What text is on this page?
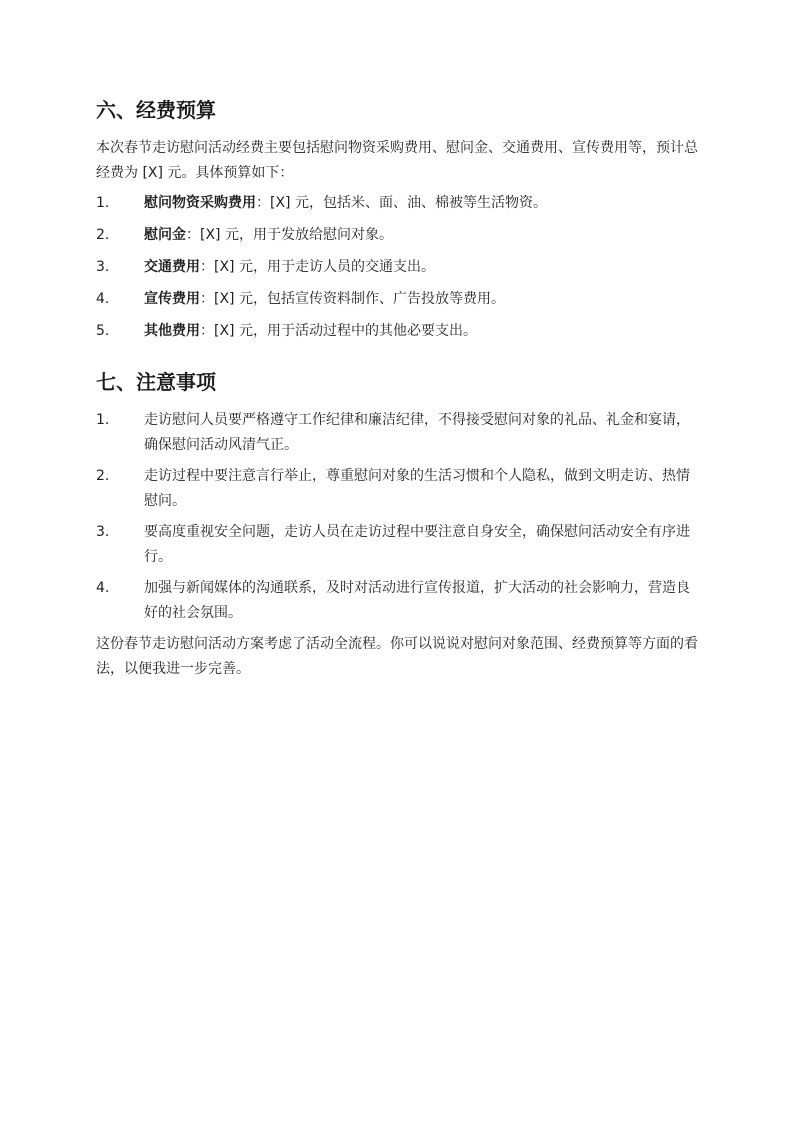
六、经费预算

本次春节走访慰问活动经费主要包括慰问物资采购费用、慰问金、交通费用、宣传费用等，预计总经费为 [X] 元。具体预算如下：

1. 慰问物资采购费用：[X] 元，包括米、面、油、棉被等生活物资。
2. 慰问金：[X] 元，用于发放给慰问对象。
3. 交通费用：[X] 元，用于走访人员的交通支出。
4. 宣传费用：[X] 元，包括宣传资料制作、广告投放等费用。
5. 其他费用：[X] 元，用于活动过程中的其他必要支出。
七、注意事项
1. 走访慰问人员要严格遵守工作纪律和廉洁纪律，不得接受慰问对象的礼品、礼金和宴请，确保慰问活动风清气正。
2. 走访过程中要注意言行举止，尊重慰问对象的生活习惯和个人隐私，做到文明走访、热情慰问。
3. 要高度重视安全问题，走访人员在走访过程中要注意自身安全，确保慰问活动安全有序进行。
4. 加强与新闻媒体的沟通联系，及时对活动进行宣传报道，扩大活动的社会影响力，营造良好的社会氛围。

这份春节走访慰问活动方案考虑了活动全流程。你可以说说对慰问对象范围、经费预算等方面的看法，以便我进一步完善。
